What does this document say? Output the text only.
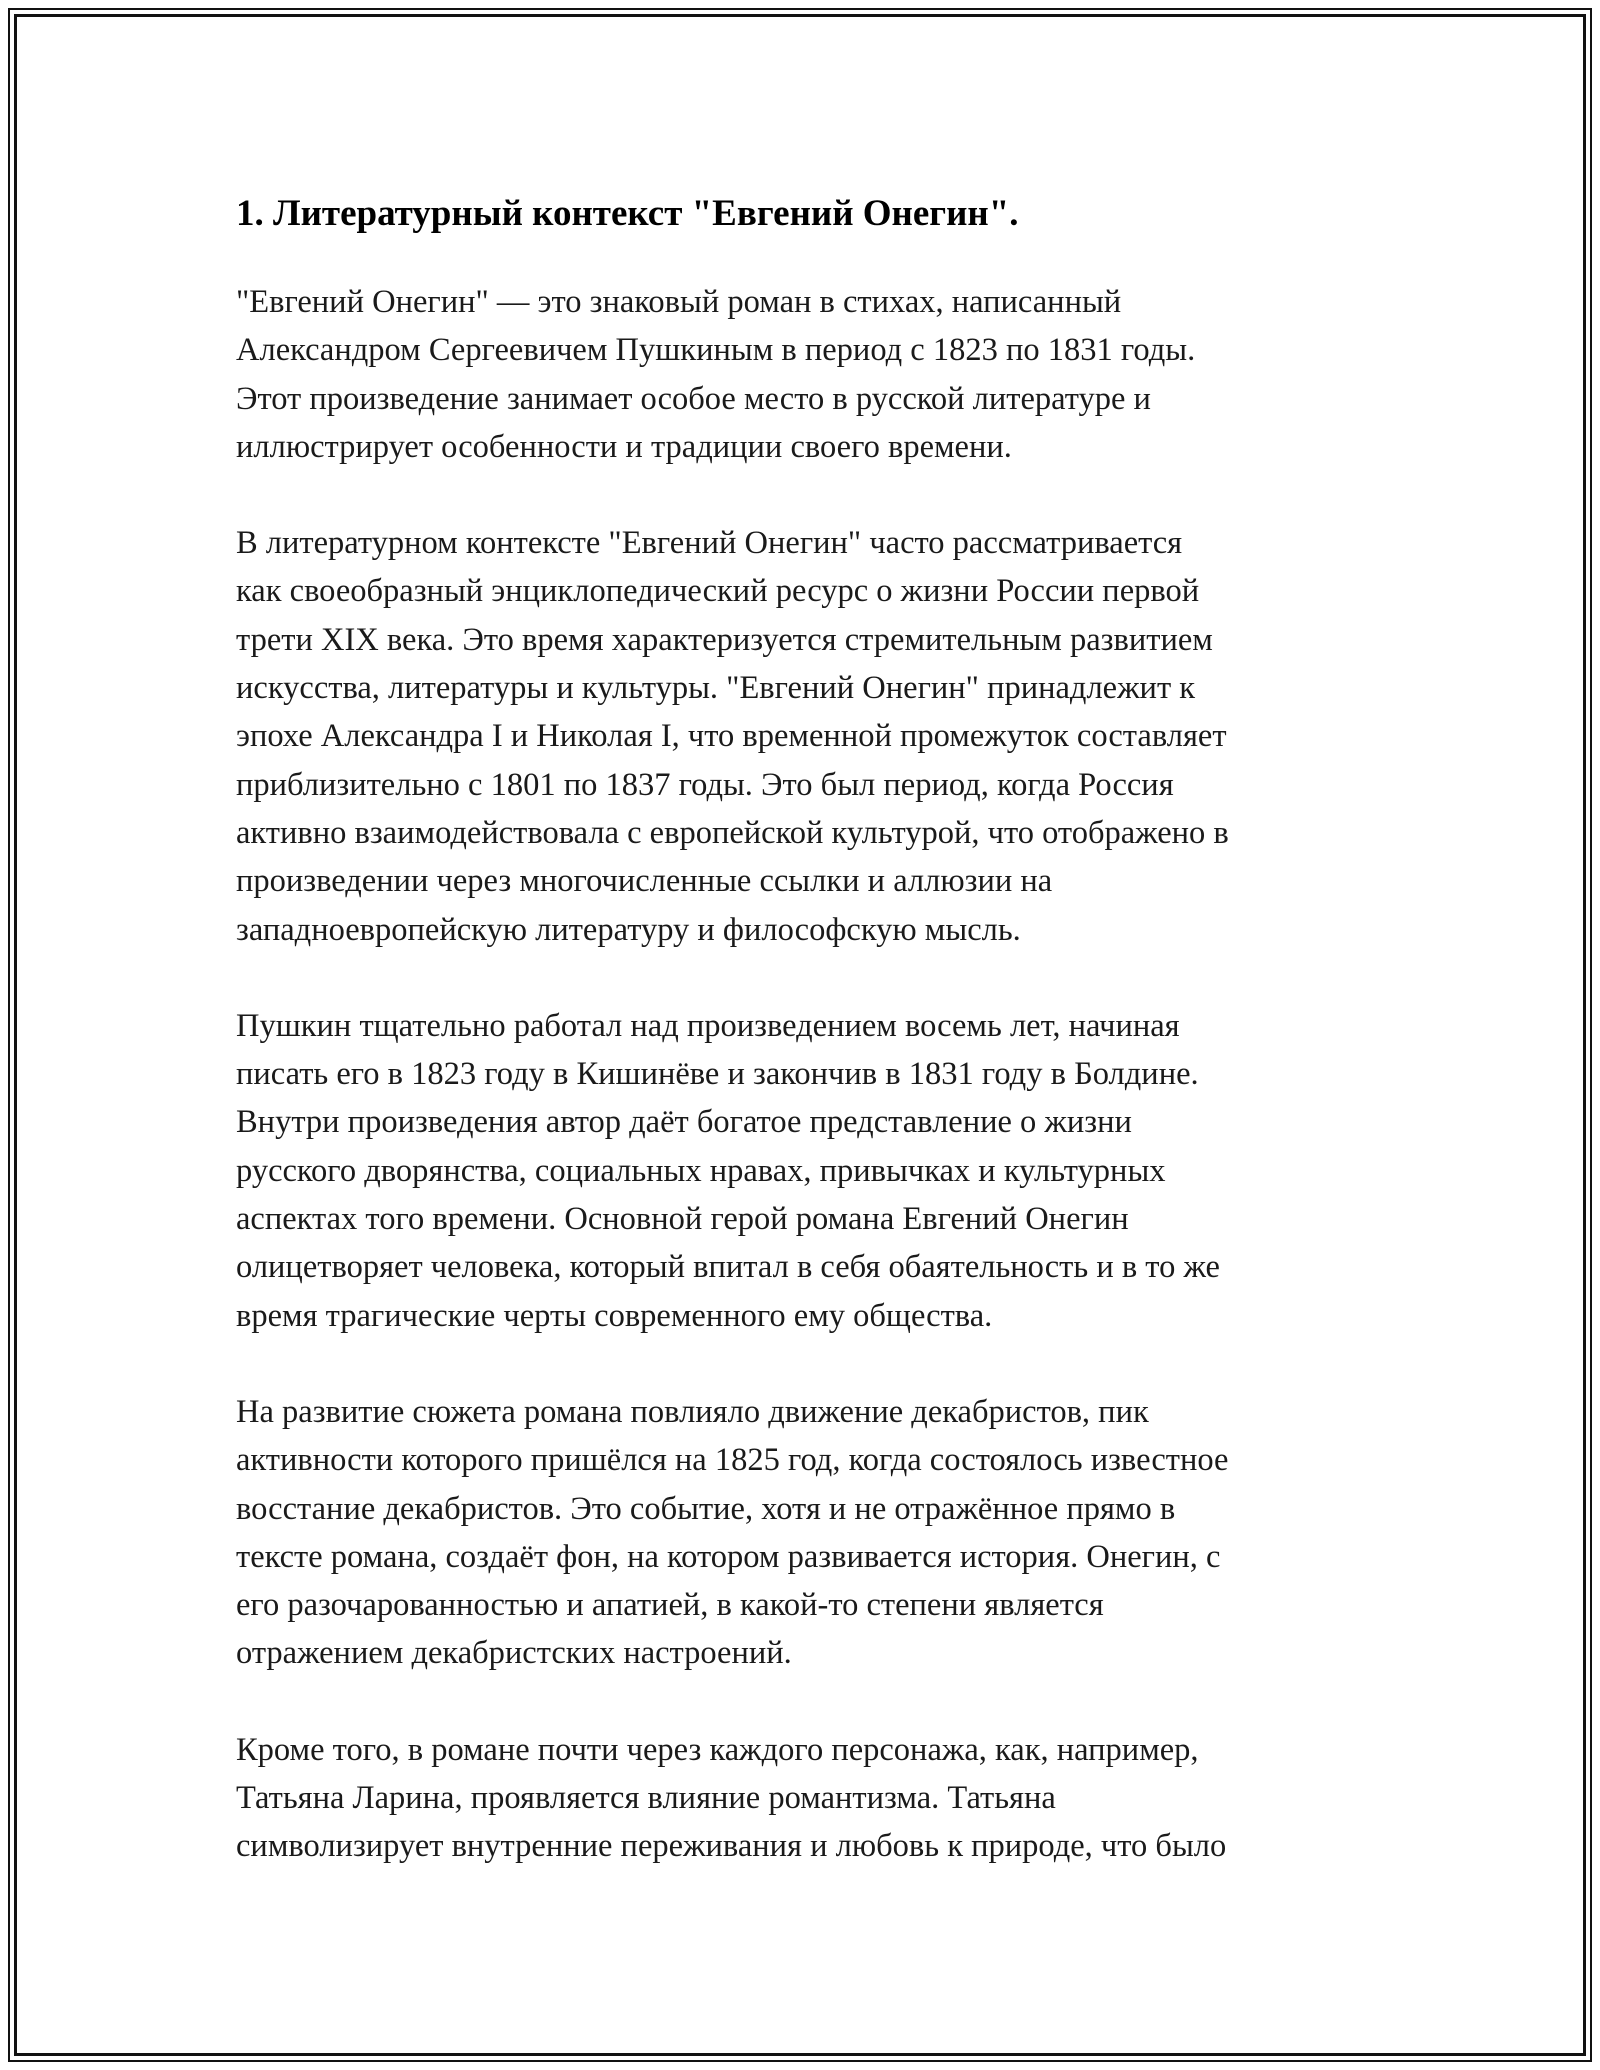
1. Литературный контекст "Евгений Онегин".

"Евгений Онегин" — это знаковый роман в стихах, написанный
Александром Сергеевичем Пушкиным в период с 1823 по 1831 годы.
Этот произведение занимает особое место в русской литературе и
иллюстрирует особенности и традиции своего времени.

В литературном контексте "Евгений Онегин" часто рассматривается
как своеобразный энциклопедический ресурс о жизни России первой
трети XIX века. Это время характеризуется стремительным развитием
искусства, литературы и культуры. "Евгений Онегин" принадлежит к
эпохе Александра I и Николая I, что временной промежуток составляет
приблизительно с 1801 по 1837 годы. Это был период, когда Россия
активно взаимодействовала с европейской культурой, что отображено в
произведении через многочисленные ссылки и аллюзии на
западноевропейскую литературу и философскую мысль.

Пушкин тщательно работал над произведением восемь лет, начиная
писать его в 1823 году в Кишинёве и закончив в 1831 году в Болдине.
Внутри произведения автор даёт богатое представление о жизни
русского дворянства, социальных нравах, привычках и культурных
аспектах того времени. Основной герой романа Евгений Онегин
олицетворяет человека, который впитал в себя обаятельность и в то же
время трагические черты современного ему общества.

На развитие сюжета романа повлияло движение декабристов, пик
активности которого пришёлся на 1825 год, когда состоялось известное
восстание декабристов. Это событие, хотя и не отражённое прямо в
тексте романа, создаёт фон, на котором развивается история. Онегин, с
его разочарованностью и апатией, в какой-то степени является
отражением декабристских настроений.

Кроме того, в романе почти через каждого персонажа, как, например,
Татьяна Ларина, проявляется влияние романтизма. Татьяна
символизирует внутренние переживания и любовь к природе, что было
